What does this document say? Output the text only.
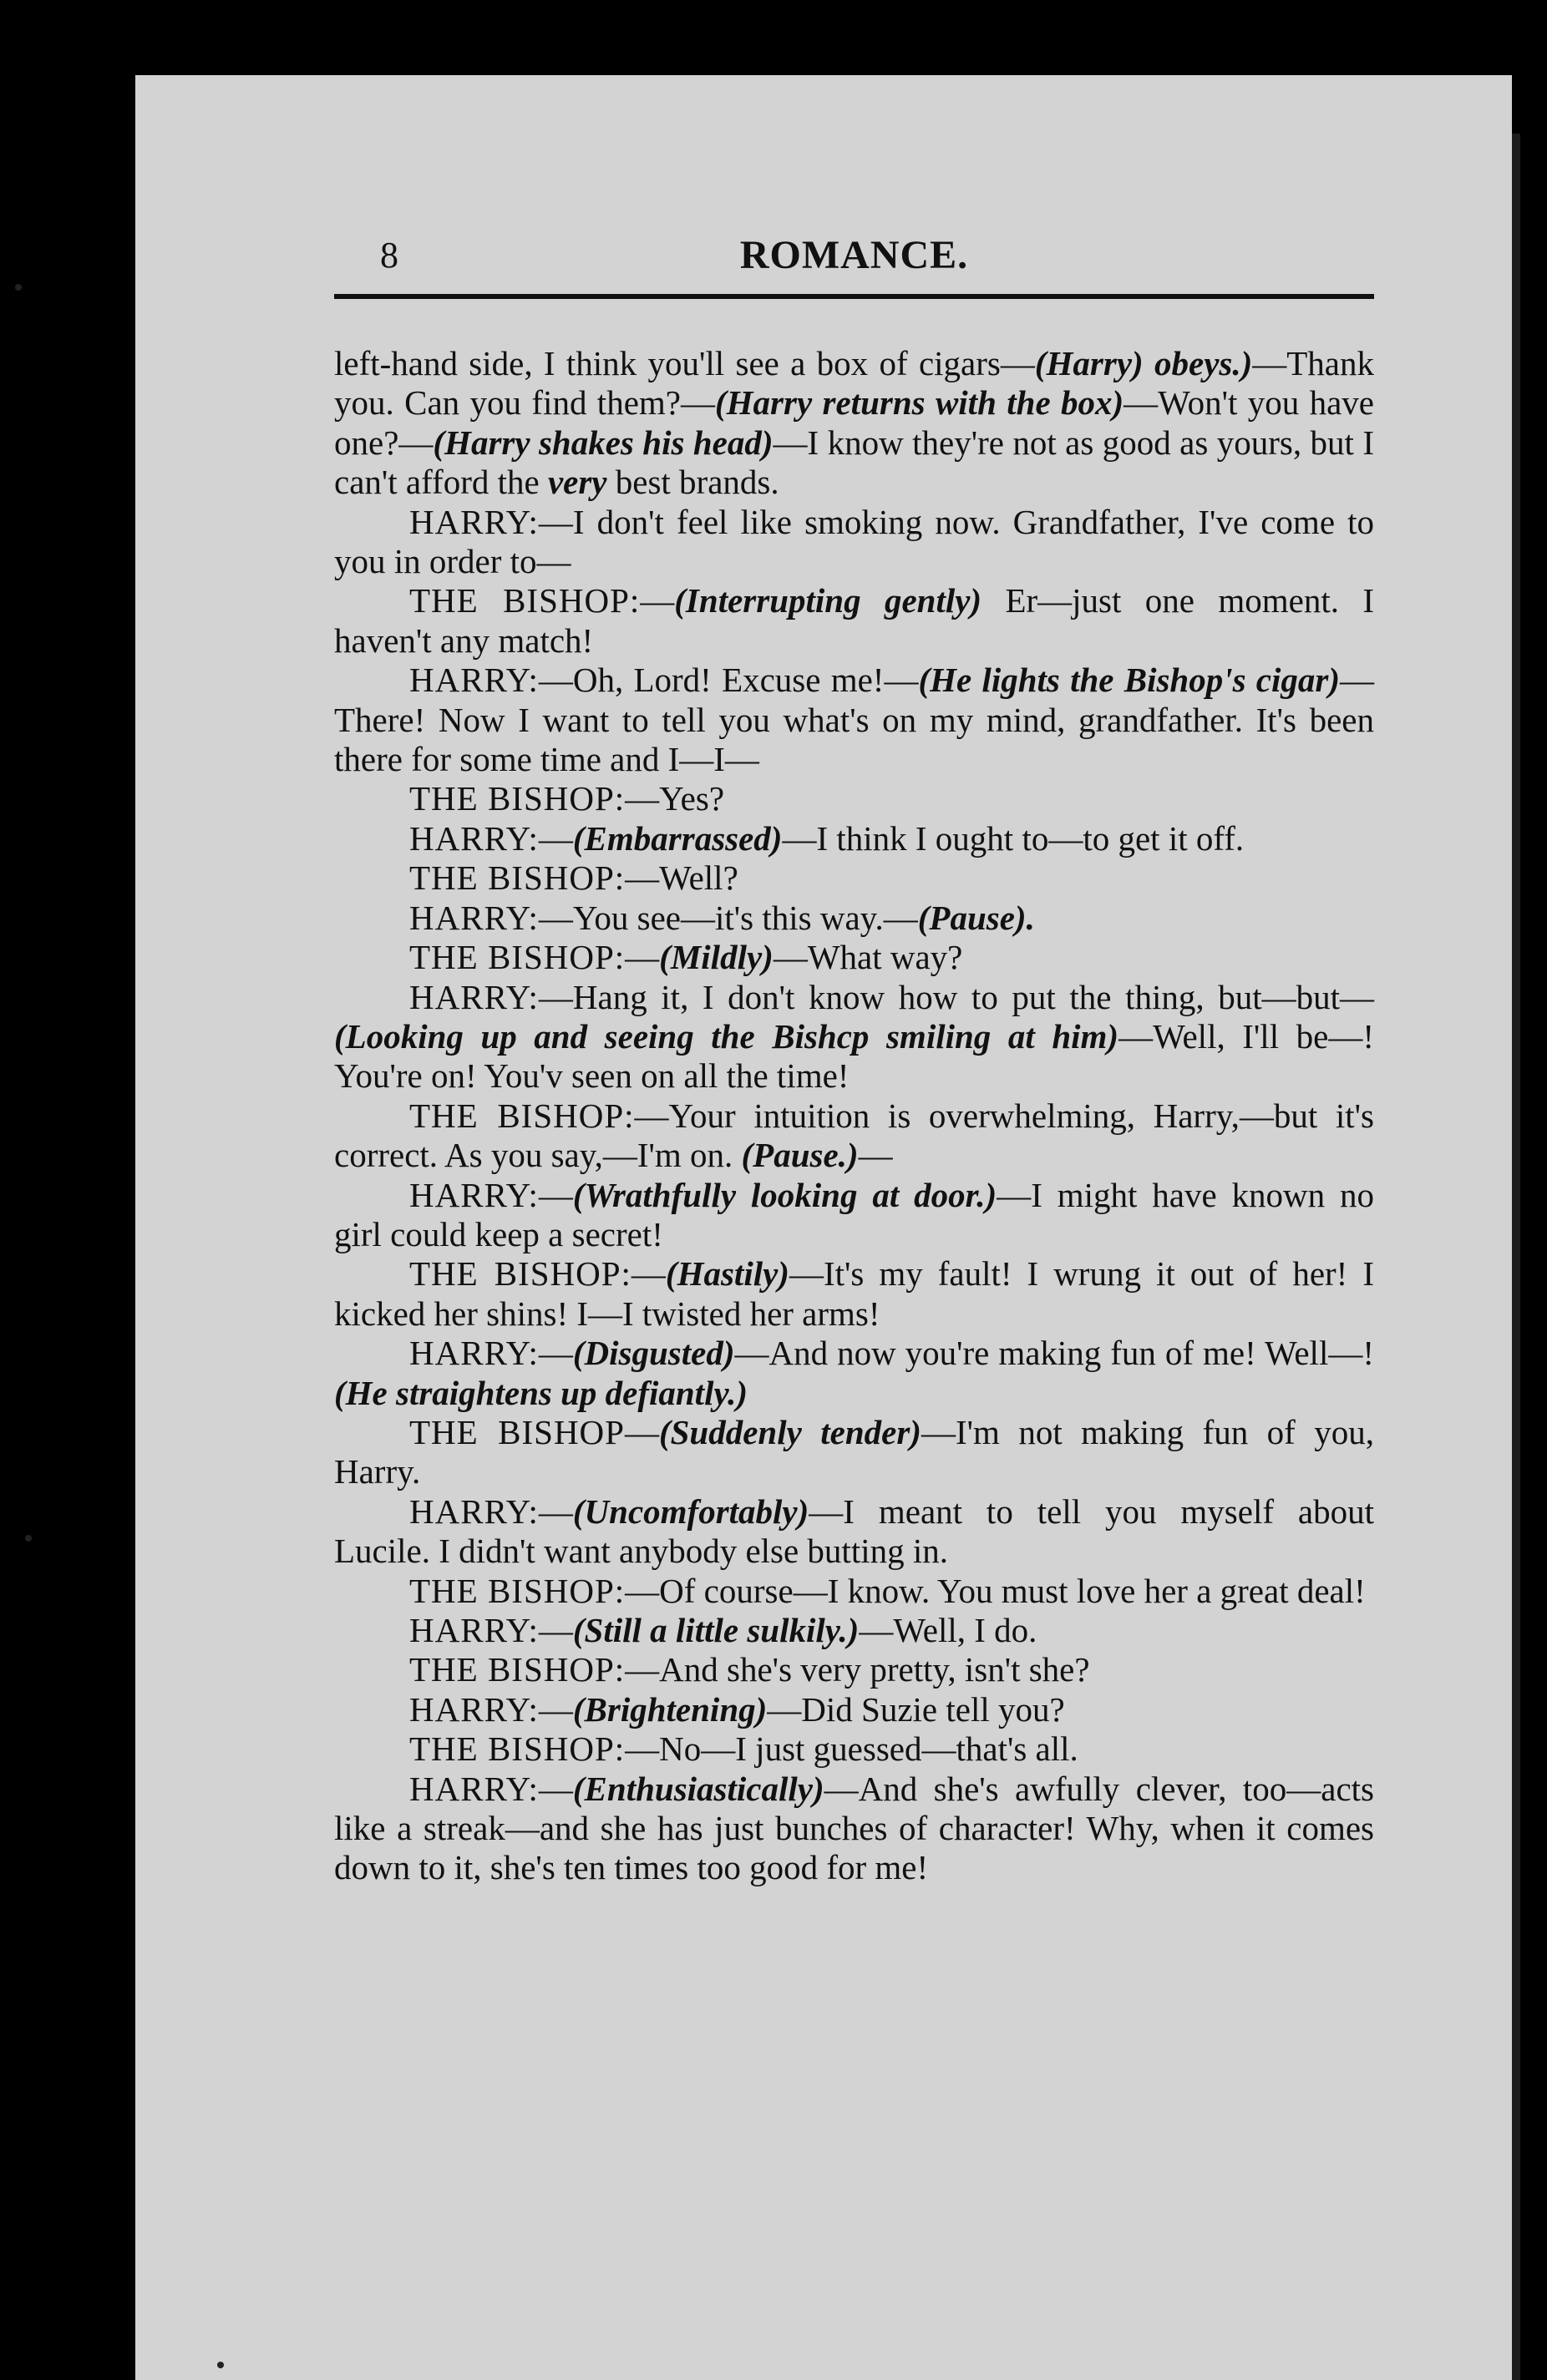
8	ROMANCE.

left-hand side, I think you'll see a box of cigars—(Harry) obeys.)—Thank you. Can you find them?—(Harry returns with the box)—Won't you have one?—(Harry shakes his head)—I know they're not as good as yours, but I can't afford the very best brands.

HARRY:—I don't feel like smoking now. Grandfather, I've come to you in order to—

THE BISHOP:—(Interrupting gently) Er—just one moment. I haven't any match!

HARRY:—Oh, Lord! Excuse me!—(He lights the Bishop's cigar)—There! Now I want to tell you what's on my mind, grandfather. It's been there for some time and I—I—

THE BISHOP:—Yes?

HARRY:—(Embarrassed)—I think I ought to—to get it off.

THE BISHOP:—Well?

HARRY:—You see—it's this way.—(Pause).

THE BISHOP:—(Mildly)—What way?

HARRY:—Hang it, I don't know how to put the thing, but—but—(Looking up and seeing the Bishcp smiling at him)—Well, I'll be—! You're on! You'v seen on all the time!

THE BISHOP:—Your intuition is overwhelming, Harry,—but it's correct. As you say,—I'm on. (Pause.)—

HARRY:—(Wrathfully looking at door.)—I might have known no girl could keep a secret!

THE BISHOP:—(Hastily)—It's my fault! I wrung it out of her! I kicked her shins! I—I twisted her arms!

HARRY:—(Disgusted)—And now you're making fun of me! Well—! (He straightens up defiantly.)

THE BISHOP—(Suddenly tender)—I'm not making fun of you, Harry.

HARRY:—(Uncomfortably)—I meant to tell you myself about Lucile. I didn't want anybody else butting in.

THE BISHOP:—Of course—I know. You must love her a great deal!

HARRY:—(Still a little sulkily.)—Well, I do.

THE BISHOP:—And she's very pretty, isn't she?

HARRY:—(Brightening)—Did Suzie tell you?

THE BISHOP:—No—I just guessed—that's all.

HARRY:—(Enthusiastically)—And she's awfully clever, too—acts like a streak—and she has just bunches of character! Why, when it comes down to it, she's ten times too good for me!
